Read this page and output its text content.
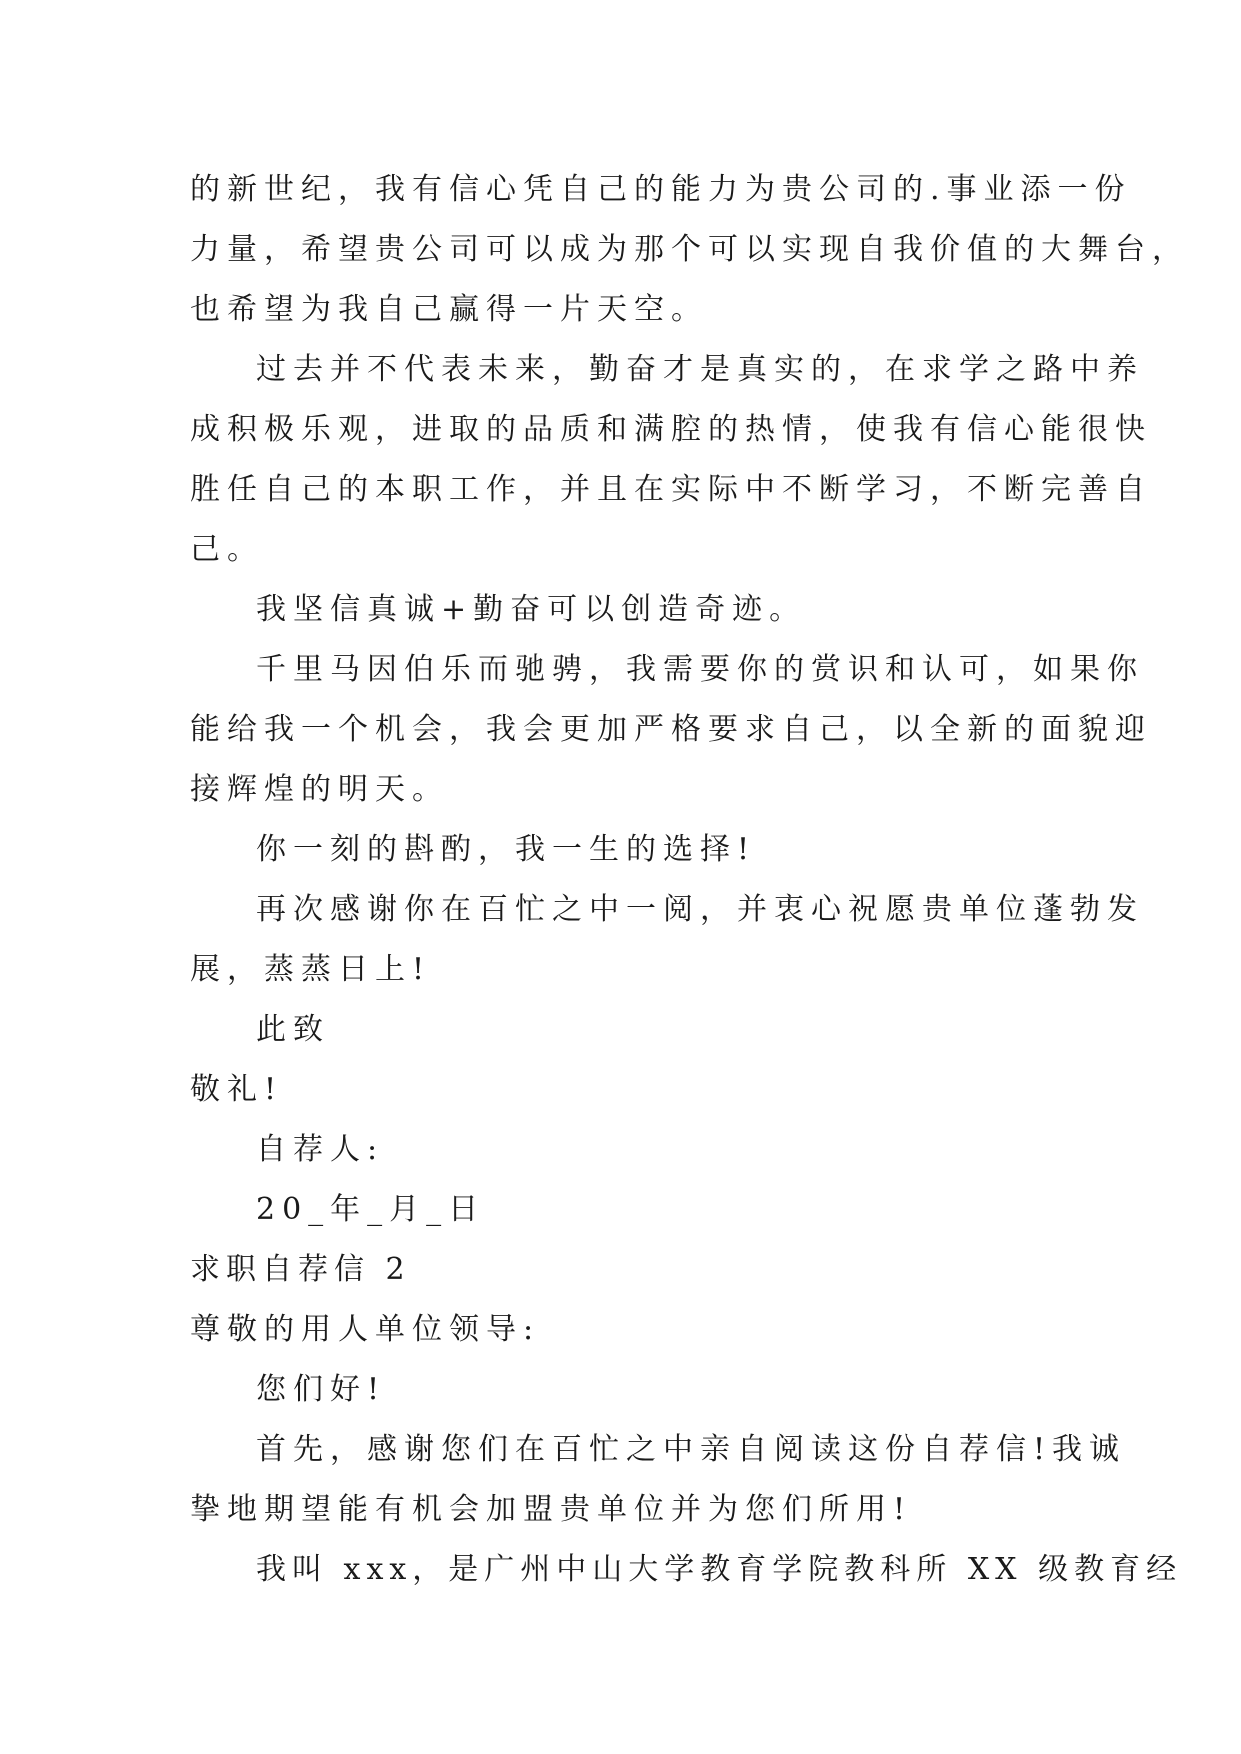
的新世纪，我有信心凭自己的能力为贵公司的.事业添一份
力量，希望贵公司可以成为那个可以实现自我价值的大舞台，
也希望为我自己赢得一片天空。
过去并不代表未来，勤奋才是真实的，在求学之路中养
成积极乐观，进取的品质和满腔的热情，使我有信心能很快
胜任自己的本职工作，并且在实际中不断学习，不断完善自
己。
我坚信真诚+勤奋可以创造奇迹。
千里马因伯乐而驰骋，我需要你的赏识和认可，如果你
能给我一个机会，我会更加严格要求自己，以全新的面貌迎
接辉煌的明天。
你一刻的斟酌，我一生的选择!
再次感谢你在百忙之中一阅，并衷心祝愿贵单位蓬勃发
展，蒸蒸日上!
此致
敬礼!
自荐人:
20_年_月_日
求职自荐信 2
尊敬的用人单位领导:
您们好!
首先，感谢您们在百忙之中亲自阅读这份自荐信!我诚
挚地期望能有机会加盟贵单位并为您们所用!
我叫 xxx，是广州中山大学教育学院教科所 XX 级教育经
